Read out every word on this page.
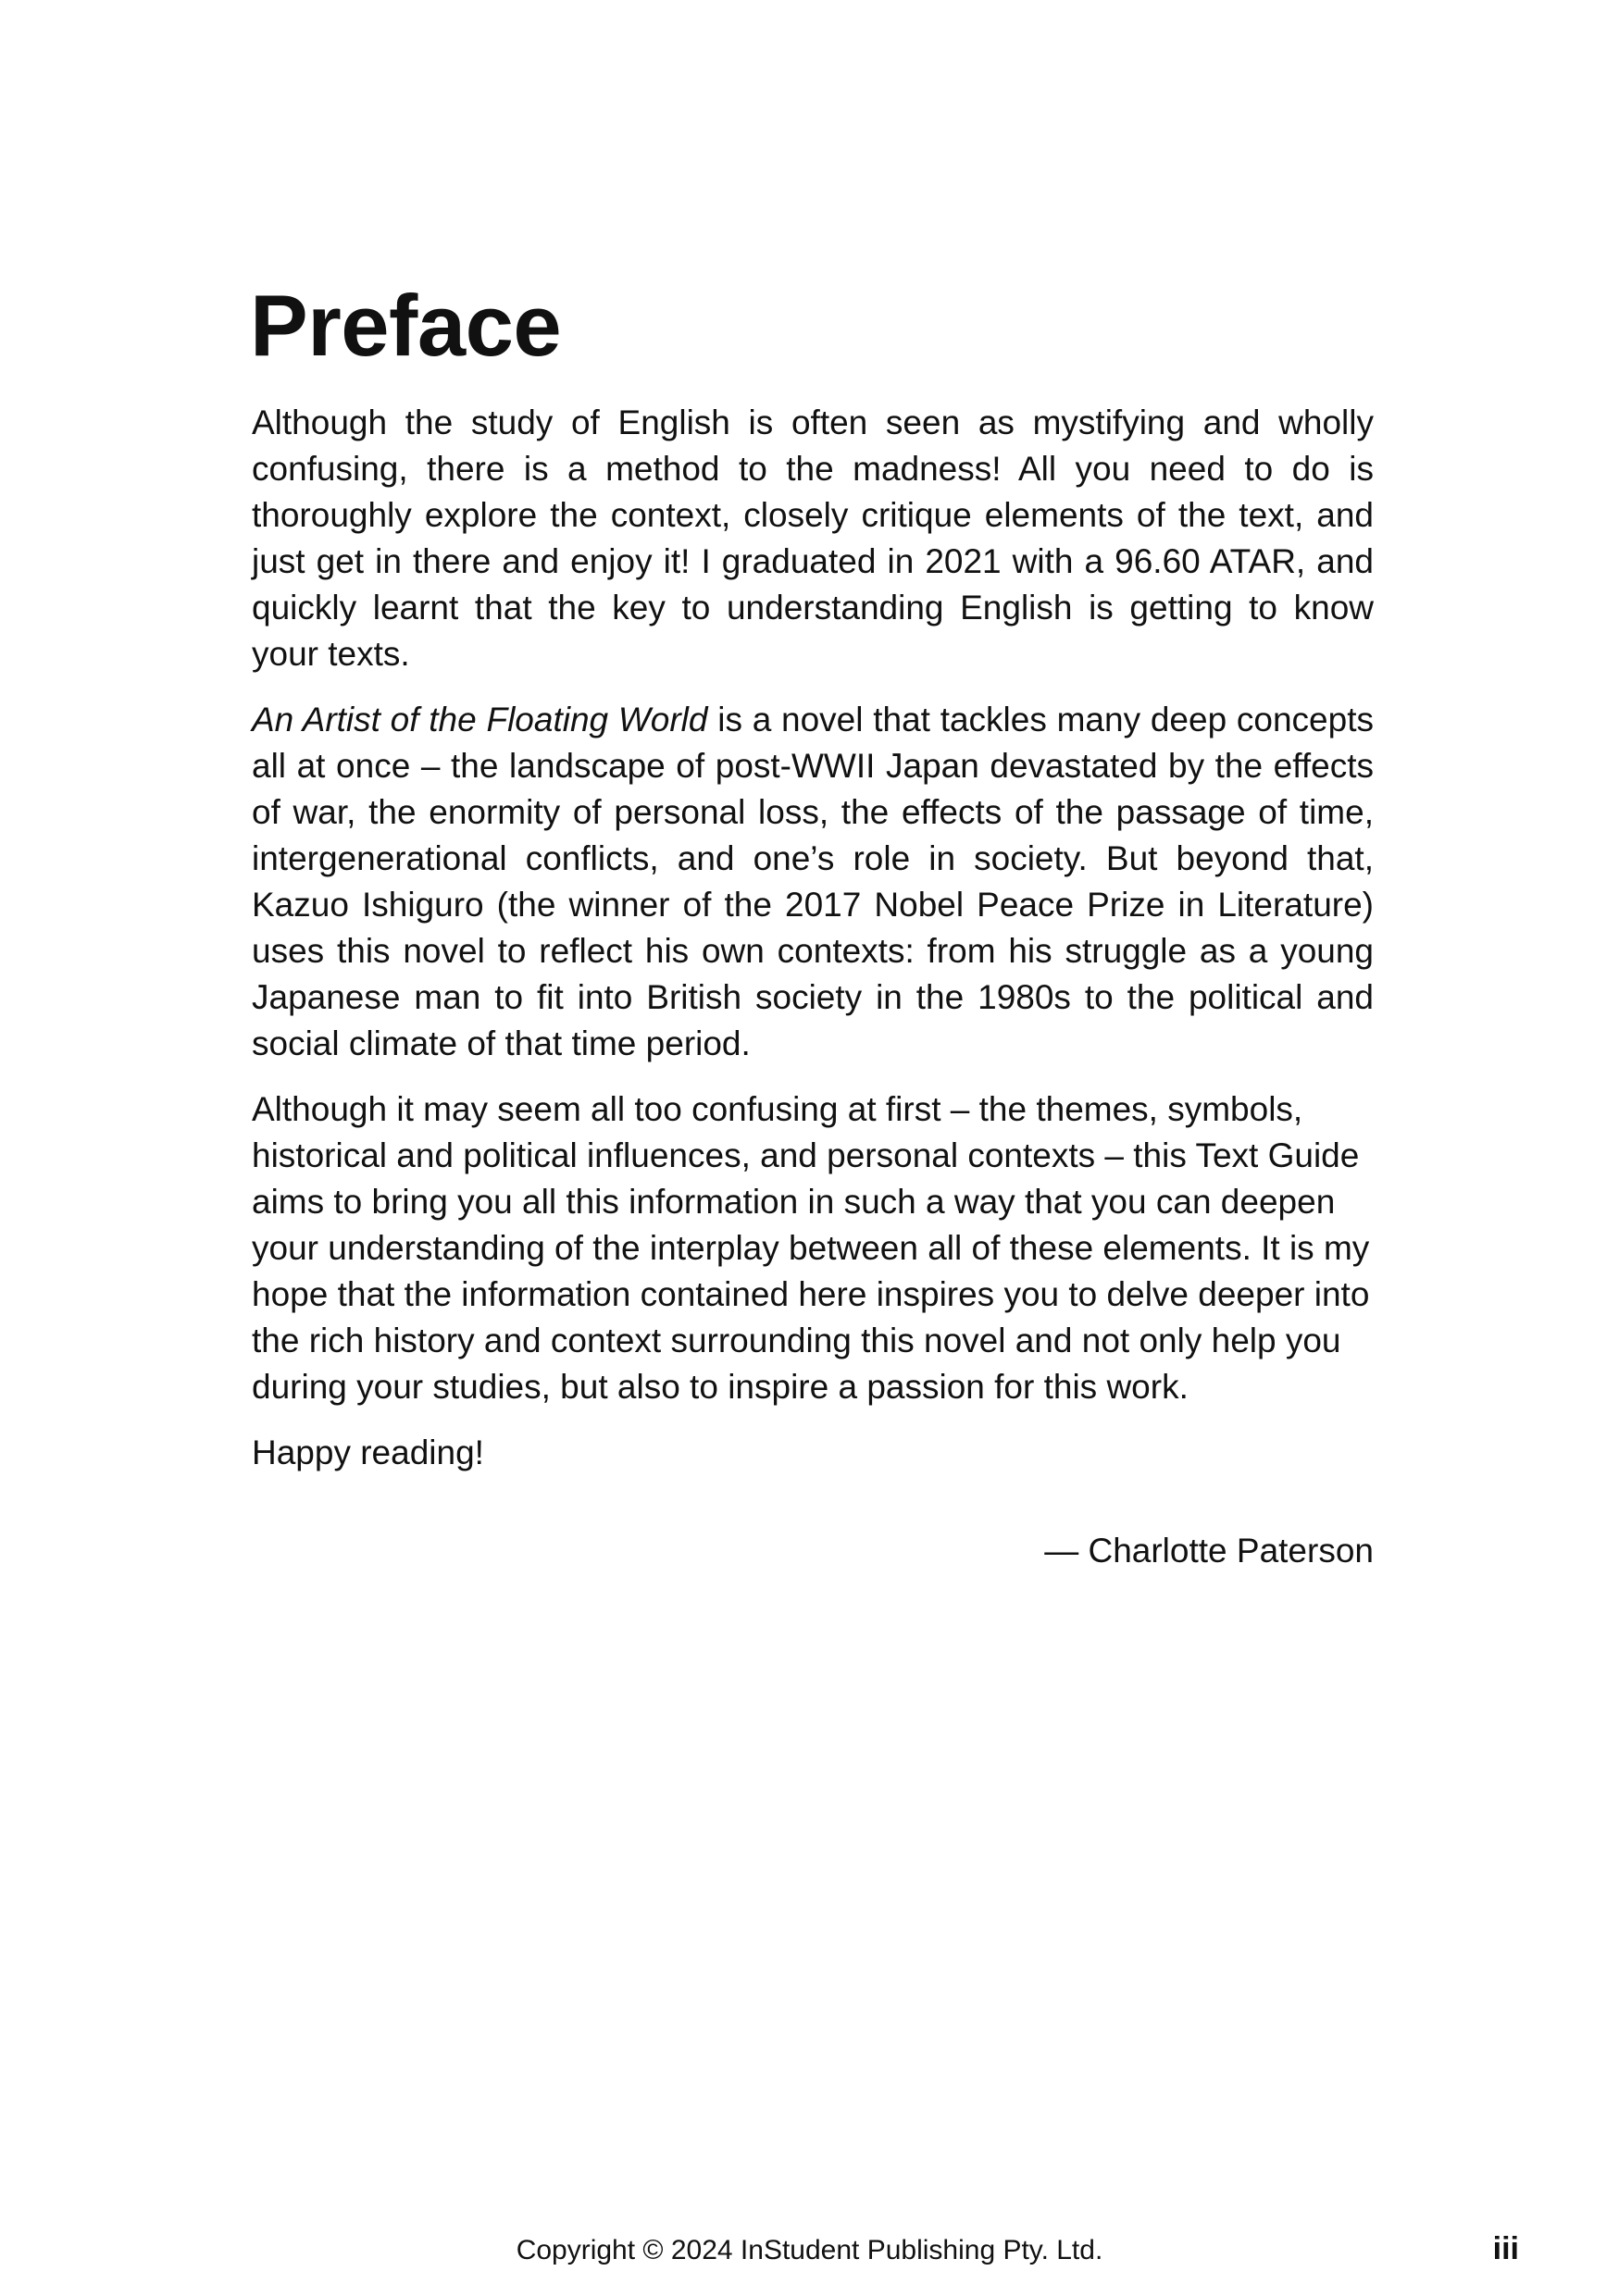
Preface

Although the study of English is often seen as mystifying and wholly confusing, there is a method to the madness! All you need to do is thoroughly explore the context, closely critique elements of the text, and just get in there and enjoy it! I graduated in 2021 with a 96.60 ATAR, and quickly learnt that the key to understanding English is getting to know your texts.

An Artist of the Floating World is a novel that tackles many deep concepts all at once – the landscape of post-WWII Japan devastated by the effects of war, the enormity of personal loss, the effects of the passage of time, intergenerational conflicts, and one’s role in society. But beyond that, Kazuo Ishiguro (the winner of the 2017 Nobel Peace Prize in Literature) uses this novel to reflect his own contexts: from his struggle as a young Japanese man to fit into British society in the 1980s to the political and social climate of that time period.

Although it may seem all too confusing at first – the themes, symbols, historical and political influences, and personal contexts – this Text Guide aims to bring you all this information in such a way that you can deepen your understanding of the interplay between all of these elements. It is my hope that the information contained here inspires you to delve deeper into the rich history and context surrounding this novel and not only help you during your studies, but also to inspire a passion for this work.

Happy reading!

— Charlotte Paterson

Copyright © 2024 InStudent Publishing Pty. Ltd.	iii
